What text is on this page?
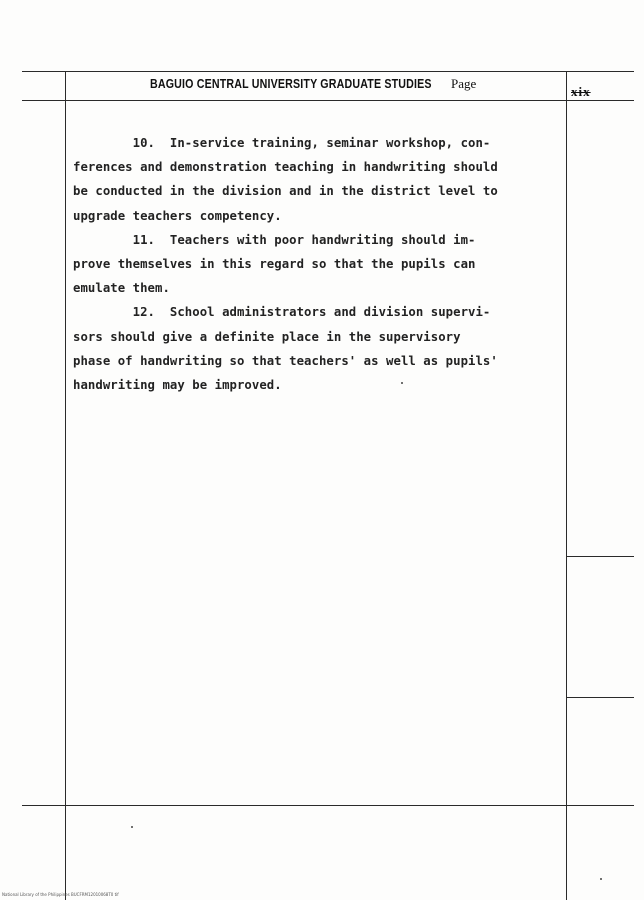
BAGUIO CENTRAL UNIVERSITY GRADUATE STUDIES Page
xix
10.  In-service training, seminar workshop, con-
ferences and demonstration teaching in handwriting should
be conducted in the division and in the district level to
upgrade teachers competency.
11.  Teachers with poor handwriting should im-
prove themselves in this regard so that the pupils can
emulate them.
12.  School administrators and division supervi-
sors should give a definite place in the supervisory
phase of handwriting so that teachers' as well as pupils'
handwriting may be improved.
National Library of the Philippines BUCFRM12010068T0 tif
